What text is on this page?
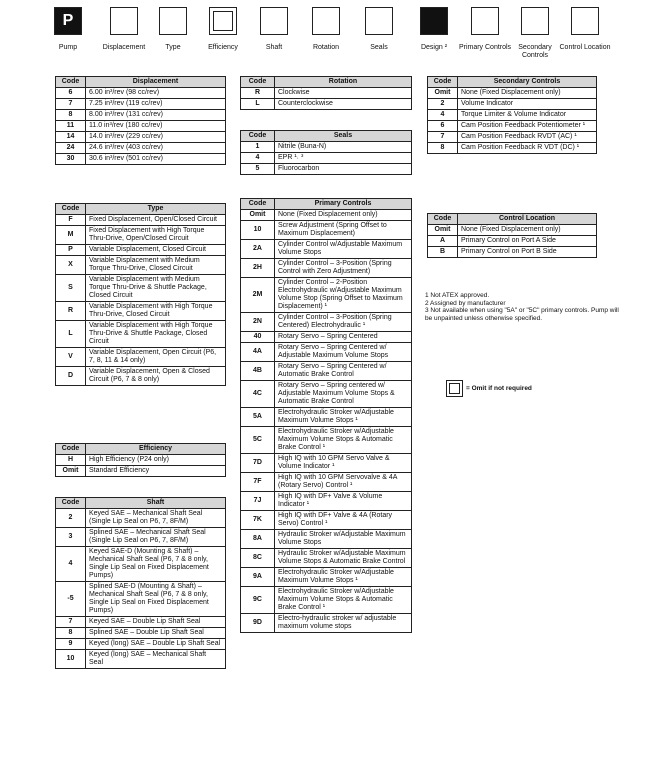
P
Pump	Displacement	Type	Efficiency	Shaft	Rotation	Seals	Design ²	Primary Controls	Secondary Controls
Control Location
Code	Displacement
6	6.00 in³/rev (98 cc/rev)
7	7.25 in³/rev (119 cc/rev)
8	8.00 in³/rev (131 cc/rev)
11	11.0 in³/rev (180 cc/rev)
14	14.0 in³/rev (229 cc/rev)
24	24.6 in³/rev (403 cc/rev)
30	30.6 in³/rev (501 cc/rev)
Code	Type
F	Fixed Displacement, Open/Closed Circuit
M	Fixed Displacement with High Torque Thru-Drive, Open/Closed Circuit
P	Variable Displacement, Closed Circuit
X	Variable Displacement with Medium Torque Thru-Drive, Closed Circuit
S	Variable Displacement with Medium Torque Thru-Drive & Shuttle Package, Closed Circuit
R	Variable Displacement with High Torque Thru-Drive, Closed Circuit
L	Variable Displacement with High Torque Thru-Drive & Shuttle Package, Closed Circuit
V	Variable Displacement, Open Circuit (P6, 7, 8, 11 & 14 only)
D	Variable Displacement, Open & Closed Circuit (P6, 7 & 8 only)
Code	Efficiency
H	High Efficiency (P24 only)
Omit	Standard Efficiency
Code	Shaft
2	Keyed SAE – Mechanical Shaft Seal (Single Lip Seal on P6, 7, 8F/M)
3	Splined SAE – Mechanical Shaft Seal (Single Lip Seal on P6, 7, 8F/M)
4	Keyed SAE-D (Mounting & Shaft) – Mechanical Shaft Seal (P6, 7 & 8 only, Single Lip Seal on Fixed Displacement Pumps)
-5	Splined SAE-D (Mounting & Shaft) – Mechanical Shaft Seal (P6, 7 & 8 only, Single Lip Seal on Fixed Displacement Pumps)
7	Keyed SAE – Double Lip Shaft Seal
8	Splined SAE – Double Lip Shaft Seal
9	Keyed (long) SAE – Double Lip Shaft Seal
10	Keyed (long) SAE – Mechanical Shaft Seal
Code	Rotation
R	Clockwise
L	Counterclockwise
Code	Seals
1	Nitrile (Buna-N)
4	EPR ¹˒ ³
5	Fluorocarbon
Code	Primary Controls
Omit	None (Fixed Displacement only)
10	Screw Adjustment (Spring Offset to Maximum Displacement)
2A	Cylinder Control w/Adjustable Maximum Volume Stops
2H	Cylinder Control – 3-Position (Spring Control with Zero Adjustment)
2M	Cylinder Control – 2-Position Electrohydraulic w/Adjustable Maximum Volume Stop (Spring Offset to Maximum Displacement) ¹
2N	Cylinder Control – 3-Position (Spring Centered) Electrohydraulic ¹
40	Rotary Servo – Spring Centered
4A	Rotary Servo – Spring Centered w/ Adjustable Maximum Volume Stops
4B	Rotary Servo – Spring Centered w/ Automatic Brake Control
4C	Rotary Servo – Spring centered w/ Adjustable Maximum Volume Stops & Automatic Brake Control
5A	Electrohydraulic Stroker w/Adjustable Maximum Volume Stops ¹
5C	Electrohydraulic Stroker w/Adjustable Maximum Volume Stops & Automatic Brake Control ¹
7D	High IQ with 10 GPM Servo Valve & Volume Indicator ¹
7F	High IQ with 10 GPM Servovalve & 4A (Rotary Servo) Control ¹
7J	High IQ with DF+ Valve & Volume Indicator ¹
7K	High IQ with DF+ Valve & 4A (Rotary Servo) Control ¹
8A	Hydraulic Stroker w/Adjustable Maximum Volume Stops
8C	Hydraulic Stroker w/Adjustable Maximum Volume Stops & Automatic Brake Control
9A	Electrohydraulic Stroker w/Adjustable Maximum Volume Stops ¹
9C	Electrohydraulic Stroker w/Adjustable Maximum Volume Stops & Automatic Brake Control ¹
9D	Electro-hydraulic stroker w/ adjustable maximum volume stops
Code	Secondary Controls
Omit	None (Fixed Displacement only)
2	Volume Indicator
4	Torque Limiter & Volume Indicator
6	Cam Position Feedback Potentiometer ¹
7	Cam Position Feedback RVDT (AC) ¹
8	Cam Position Feedback R VDT (DC) ¹
Code	Control Location
Omit	None (Fixed Displacement only)
A	Primary Control on Port A Side
B	Primary Control on Port B Side
1 Not ATEX approved.
2 Assigned by manufacturer
3 Not available when using "5A" or "5C" primary controls. Pump will be unpainted unless otherwise specified.
= Omit if not required
